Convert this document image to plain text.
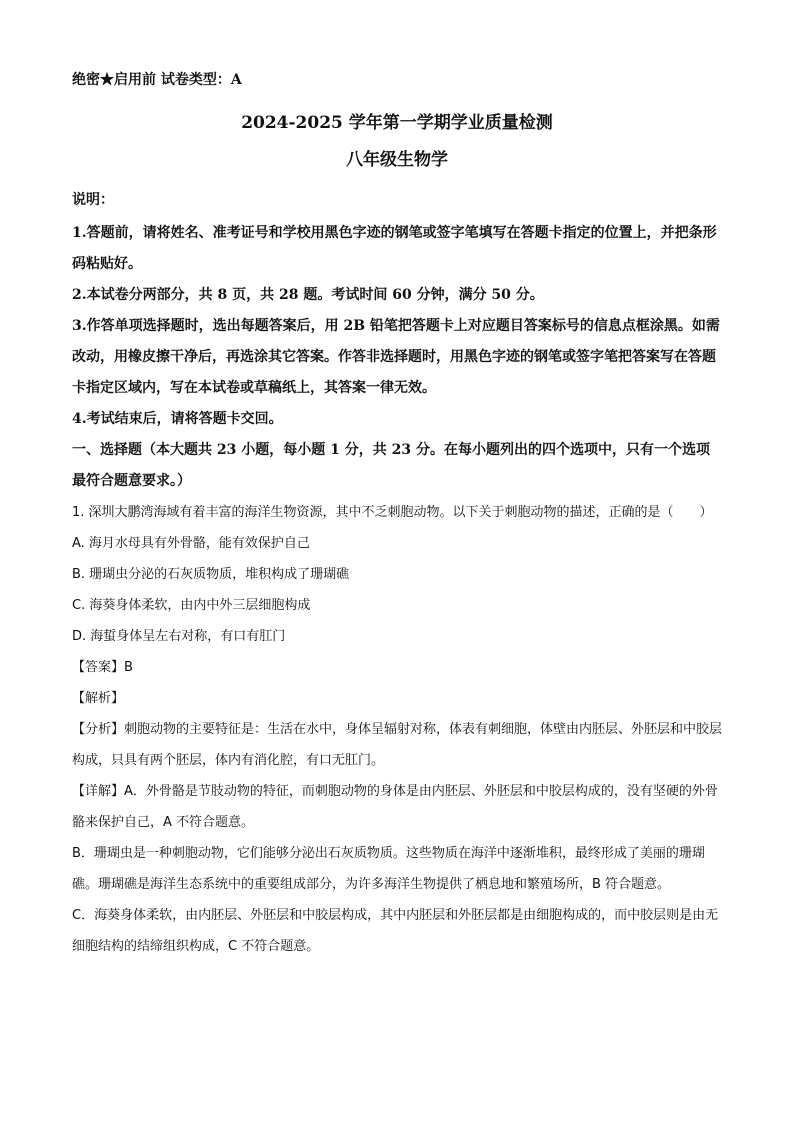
绝密★启用前 试卷类型：A
2024-2025 学年第一学期学业质量检测
八年级生物学
说明：

1.答题前，请将姓名、准考证号和学校用黑色字迹的钢笔或签字笔填写在答题卡指定的位置上，并把条形码粘贴好。

2.本试卷分两部分，共 8 页，共 28 题。考试时间 60 分钟，满分 50 分。

3.作答单项选择题时，选出每题答案后，用 2B 铅笔把答题卡上对应题目答案标号的信息点框涂黑。如需改动，用橡皮擦干净后，再选涂其它答案。作答非选择题时，用黑色字迹的钢笔或签字笔把答案写在答题卡指定区域内，写在本试卷或草稿纸上，其答案一律无效。

4.考试结束后，请将答题卡交回。

一、选择题（本大题共 23 小题，每小题 1 分，共 23 分。在每小题列出的四个选项中，只有一个选项最符合题意要求。）

1. 深圳大鹏湾海域有着丰富的海洋生物资源，其中不乏刺胞动物。以下关于刺胞动物的描述，正确的是（　　）

A. 海月水母具有外骨骼，能有效保护自己

B. 珊瑚虫分泌的石灰质物质，堆积构成了珊瑚礁

C. 海葵身体柔软，由内中外三层细胞构成

D. 海蜇身体呈左右对称，有口有肛门

【答案】B

【解析】

【分析】刺胞动物的主要特征是：生活在水中，身体呈辐射对称，体表有刺细胞，体壁由内胚层、外胚层和中胶层构成，只具有两个胚层，体内有消化腔，有口无肛门。

【详解】A．外骨骼是节肢动物的特征，而刺胞动物的身体是由内胚层、外胚层和中胶层构成的，没有坚硬的外骨骼来保护自己，A 不符合题意。

B．珊瑚虫是一种刺胞动物，它们能够分泌出石灰质物质。这些物质在海洋中逐渐堆积，最终形成了美丽的珊瑚礁。珊瑚礁是海洋生态系统中的重要组成部分，为许多海洋生物提供了栖息地和繁殖场所，B 符合题意。

C．海葵身体柔软，由内胚层、外胚层和中胶层构成，其中内胚层和外胚层都是由细胞构成的，而中胶层则是由无细胞结构的结缔组织构成，C 不符合题意。
